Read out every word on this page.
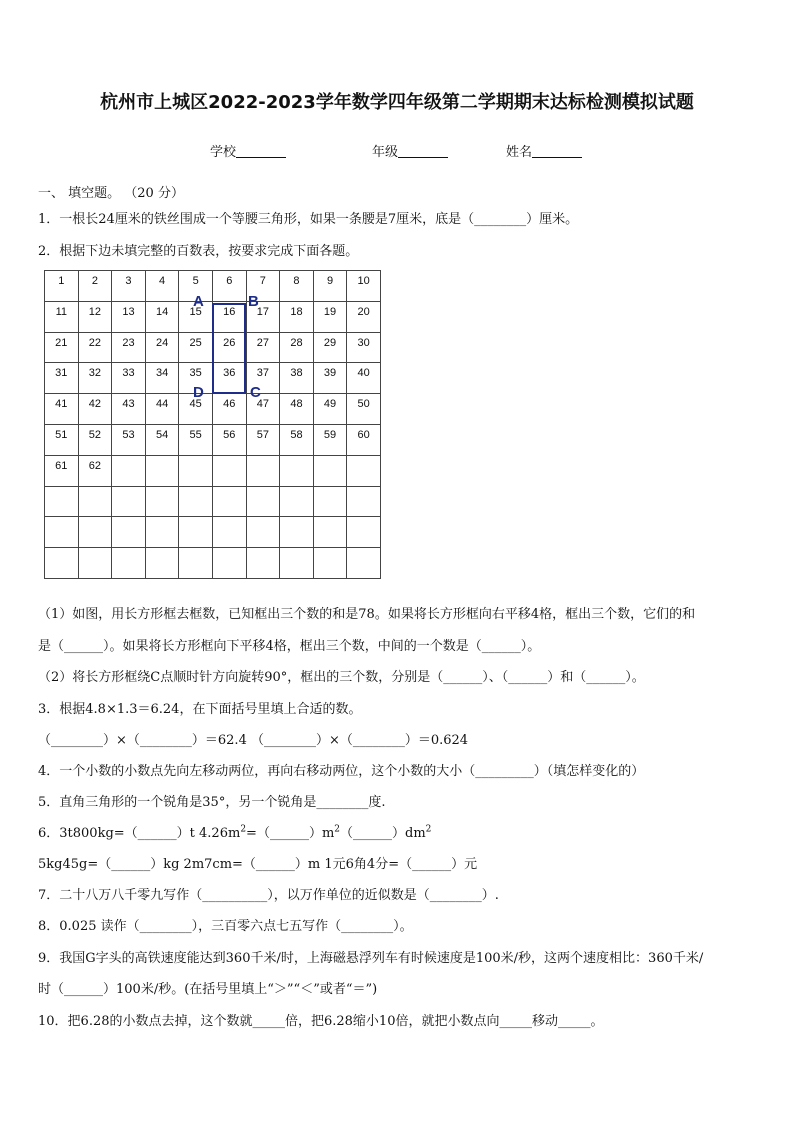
杭州市上城区2022-2023学年数学四年级第二学期期末达标检测模拟试题
学校	年级	姓名
一、 填空题。 （20 分）
1．一根长24厘米的铁丝围成一个等腰三角形，如果一条腰是7厘米，底是（________）厘米。
2．根据下边未填完整的百数表，按要求完成下面各题。
1	2	3	4	5	6	7	8	9	10
11	12	13	14	15	16	17	18	19	20
21	22	23	24	25	26	27	28	29	30
31	32	33	34	35	36	37	38	39	40
41	42	43	44	45	46	47	48	49	50
51	52	53	54	55	56	57	58	59	60
61	62								

A	B
D	C
（1）如图，用长方形框去框数，已知框出三个数的和是78。如果将长方形框向右平移4格，框出三个数，它们的和
是（______）。如果将长方形框向下平移4格，框出三个数，中间的一个数是（______）。
（2）将长方形框绕C点顺时针方向旋转90°，框出的三个数，分别是（______）、（______）和（______）。
3．根据4.8×1.3＝6.24，在下面括号里填上合适的数。
（________）×（________）＝62.4 （________）×（________）＝0.624
4．一个小数的小数点先向左移动两位，再向右移动两位，这个小数的大小（_________）（填怎样变化的）
5．直角三角形的一个锐角是35°，另一个锐角是________度.
6．3t800kg=（______）t $4.26m^2=(\_\_\_\_\_\_)m^2(\_\_\_\_\_\_)dm^2$
5kg45g=（______）kg 2m7cm=（______）m 1元6角4分=（______）元
7．二十八万八千零九写作（__________），以万作单位的近似数是（________）.
8．0.025 读作（________），三百零六点七五写作（________）。
9．我国G字头的高铁速度能达到360千米/时，上海磁悬浮列车有时候速度是100米/秒，这两个速度相比：360千米/
时（______）100米/秒。(在括号里填上“＞”“＜”或者“＝”)
10．把6.28的小数点去掉，这个数就_____倍，把6.28缩小10倍，就把小数点向_____移动_____。
